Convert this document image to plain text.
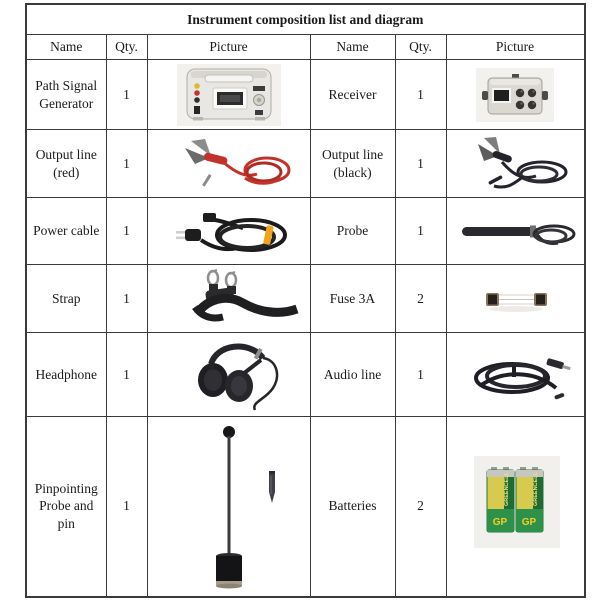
Instrument composition list and diagram					
Name	Qty.	Picture	Name	Qty.	Picture
Path Signal Generator	1		Receiver	1	

Output line (red)	1		Output line (black)	1	

Power cable	1		Probe	1	

Strap	1		Fuse 3A	2	

Headphone	1		Audio line	1	

Pinpointing Probe and pin	1		Batteries	2	GREENCELL
GP
GREENCELL
GP
